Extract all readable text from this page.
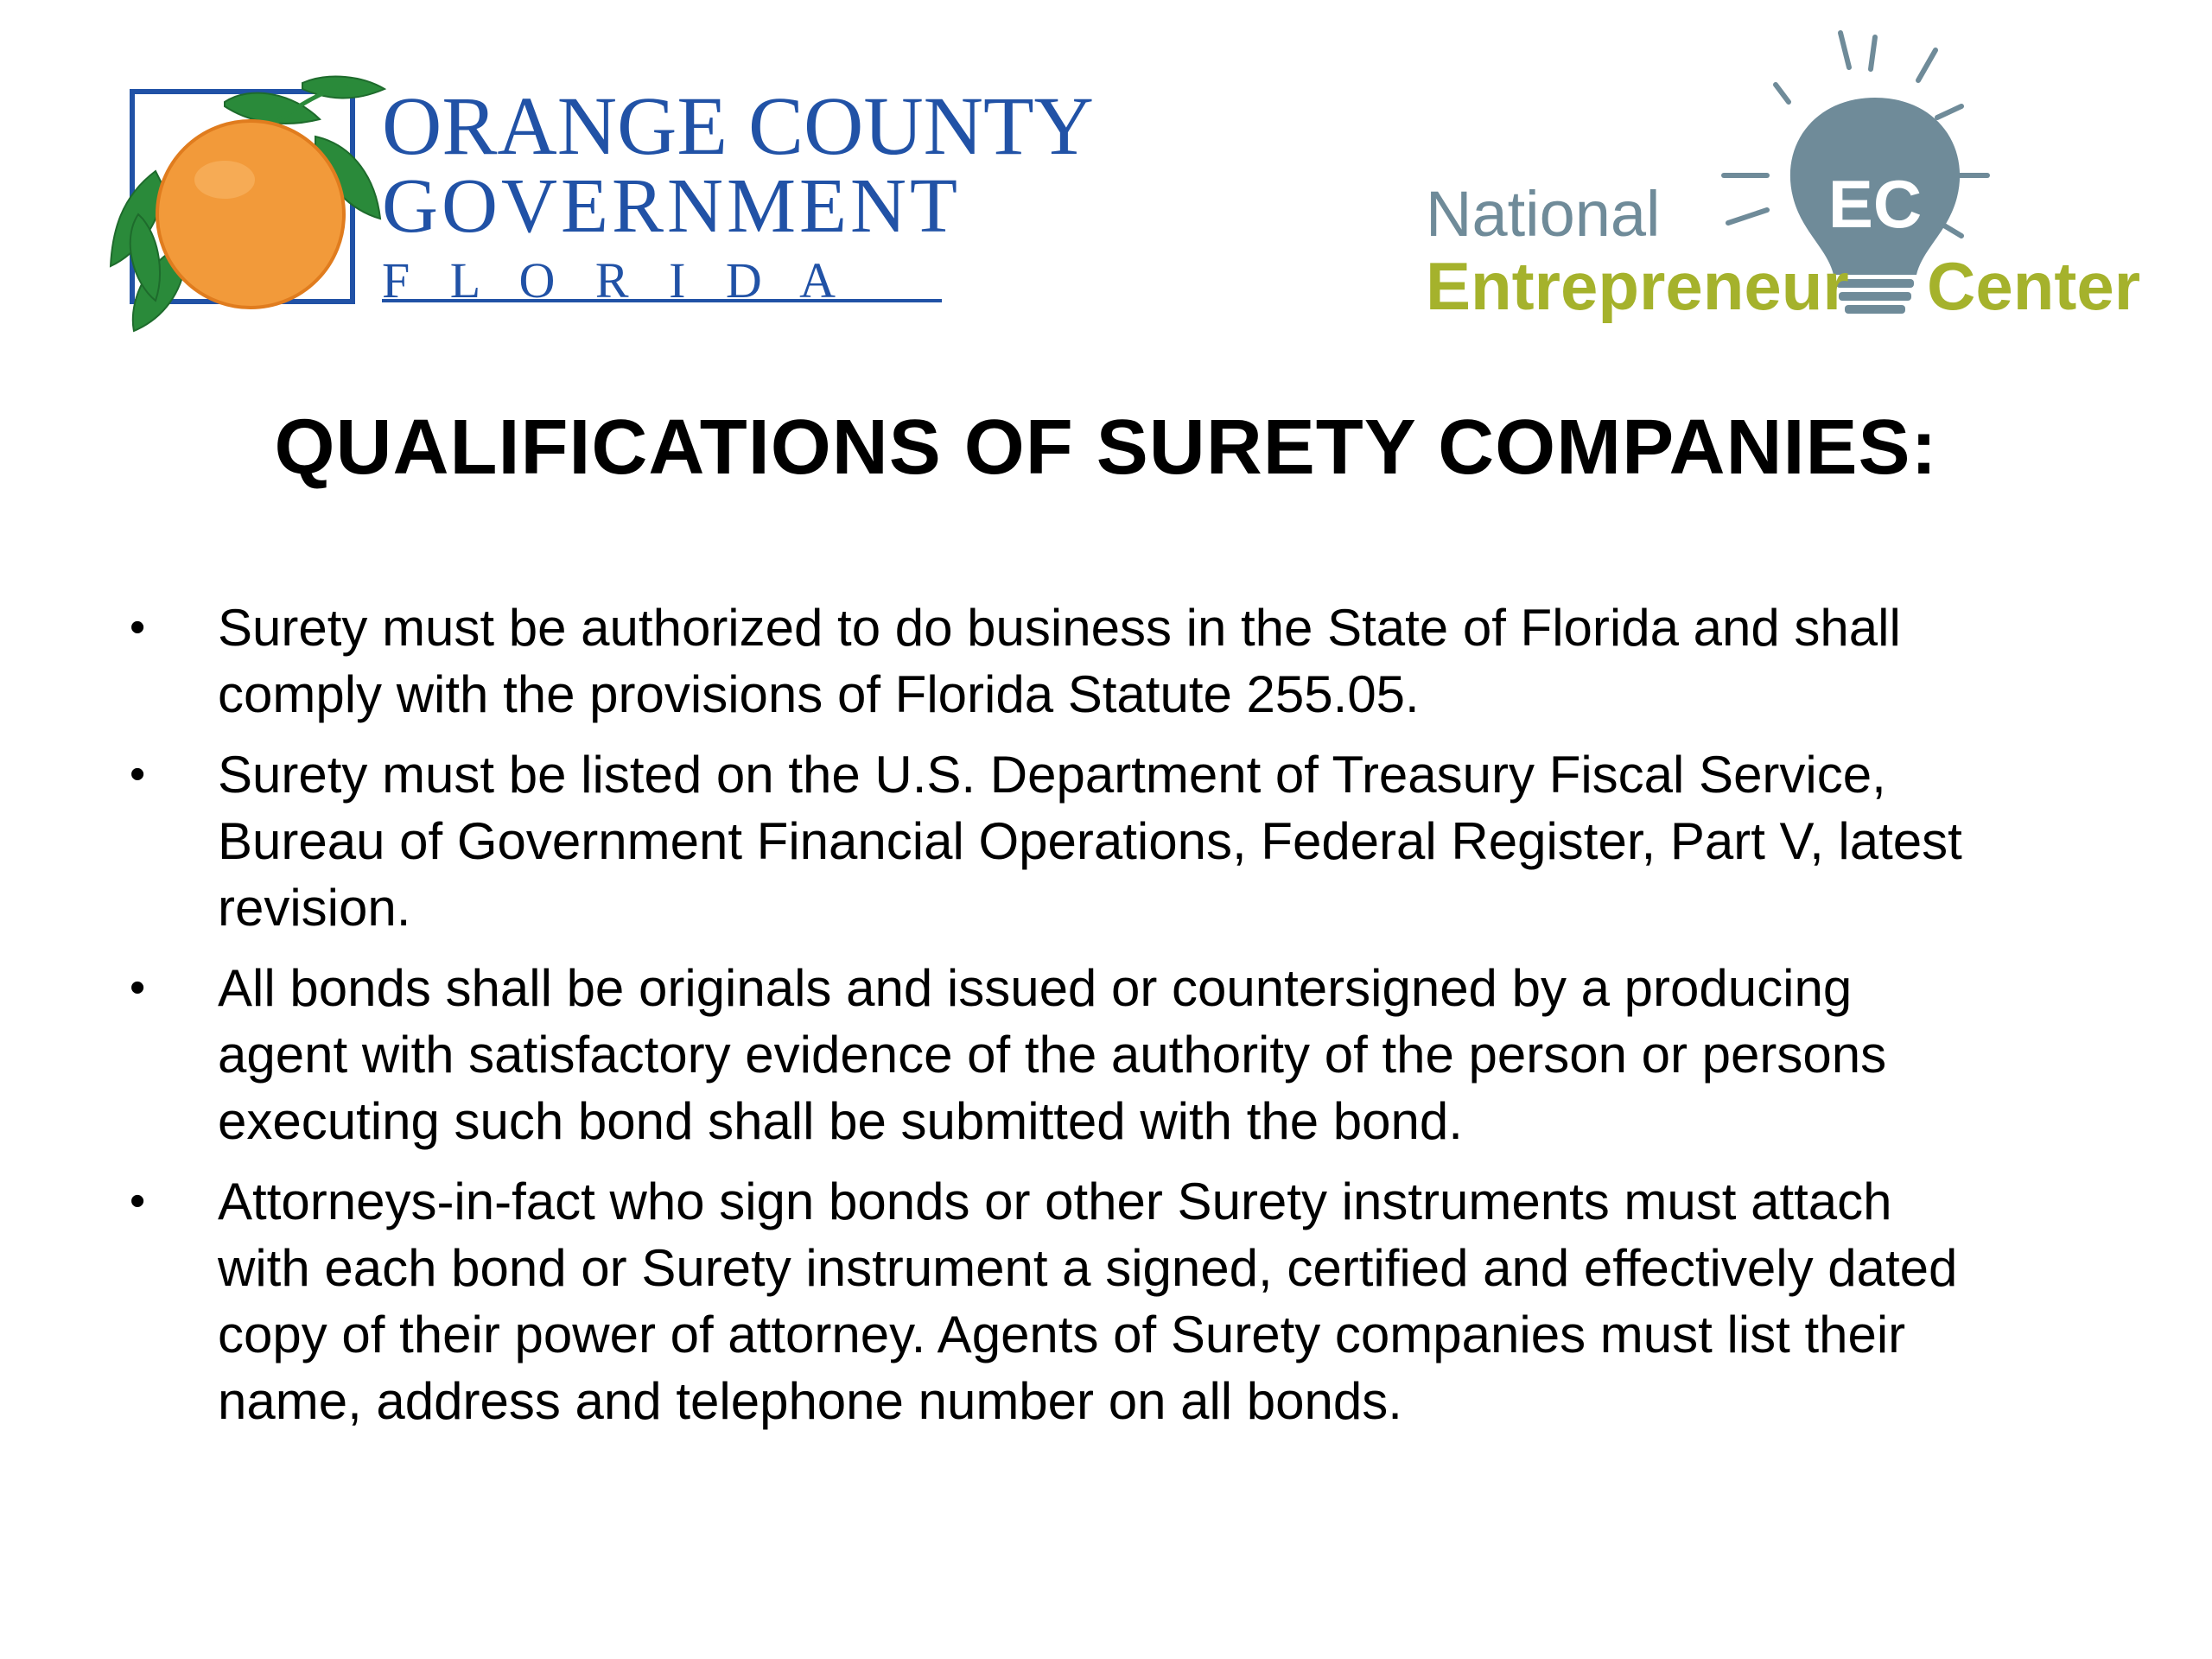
ORANGE COUNTY
GOVERNMENT
F L O R I D A
EC
National
Entrepreneur Center
QUALIFICATIONS OF SURETY COMPANIES:
•	Surety must be authorized to do business in the State of Florida and shall
comply with the provisions of Florida Statute 255.05.
•	Surety must be listed on the U.S. Department of Treasury Fiscal Service,
Bureau of Government Financial Operations, Federal Register, Part V, latest
revision.
•	All bonds shall be originals and issued or countersigned by a producing
agent with satisfactory evidence of the authority of the person or persons
executing such bond shall be submitted with the bond.
•	Attorneys-in-fact who sign bonds or other Surety instruments must attach
with each bond or Surety instrument a signed, certified and effectively dated
copy of their power of attorney. Agents of Surety companies must list their
name, address and telephone number on all bonds.
